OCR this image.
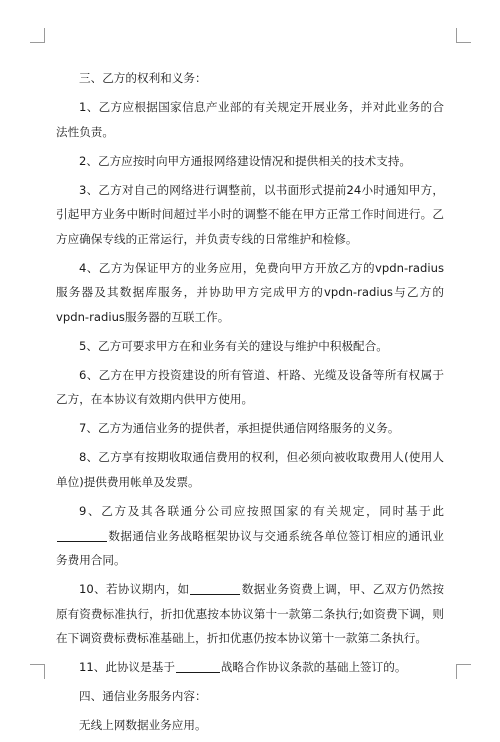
三、乙方的权利和义务：

1、乙方应根据国家信息产业部的有关规定开展业务，并对此业务的合法性负责。

2、乙方应按时向甲方通报网络建设情况和提供相关的技术支持。

3、乙方对自己的网络进行调整前，以书面形式提前24小时通知甲方，引起甲方业务中断时间超过半小时的调整不能在甲方正常工作时间进行。乙方应确保专线的正常运行，并负责专线的日常维护和检修。

4、乙方为保证甲方的业务应用，免费向甲方开放乙方的vpdn-radius服务器及其数据库服务，并协助甲方完成甲方的vpdn-radius与乙方的vpdn-radius服务器的互联工作。

5、乙方可要求甲方在和业务有关的建设与维护中积极配合。

6、乙方在甲方投资建设的所有管道、杆路、光缆及设备等所有权属于乙方，在本协议有效期内供甲方使用。

7、乙方为通信业务的提供者，承担提供通信网络服务的义务。

8、乙方享有按期收取通信费用的权利，但必须向被收取费用人(使用人单位)提供费用帐单及发票。

9、乙方及其各联通分公司应按照国家的有关规定，同时基于此数据通信业务战略框架协议与交通系统各单位签订相应的通讯业务费用合同。

10、若协议期内，如	数据业务资费上调，甲、乙双方仍然按原有资费标准执行，折扣优惠按本协议第十一款第二条执行;如资费下调，则在下调资费标费标准基础上，折扣优惠仍按本协议第十一款第二条执行。

11、此协议是基于	战略合作协议条款的基础上签订的。

四、通信业务服务内容：

无线上网数据业务应用。
